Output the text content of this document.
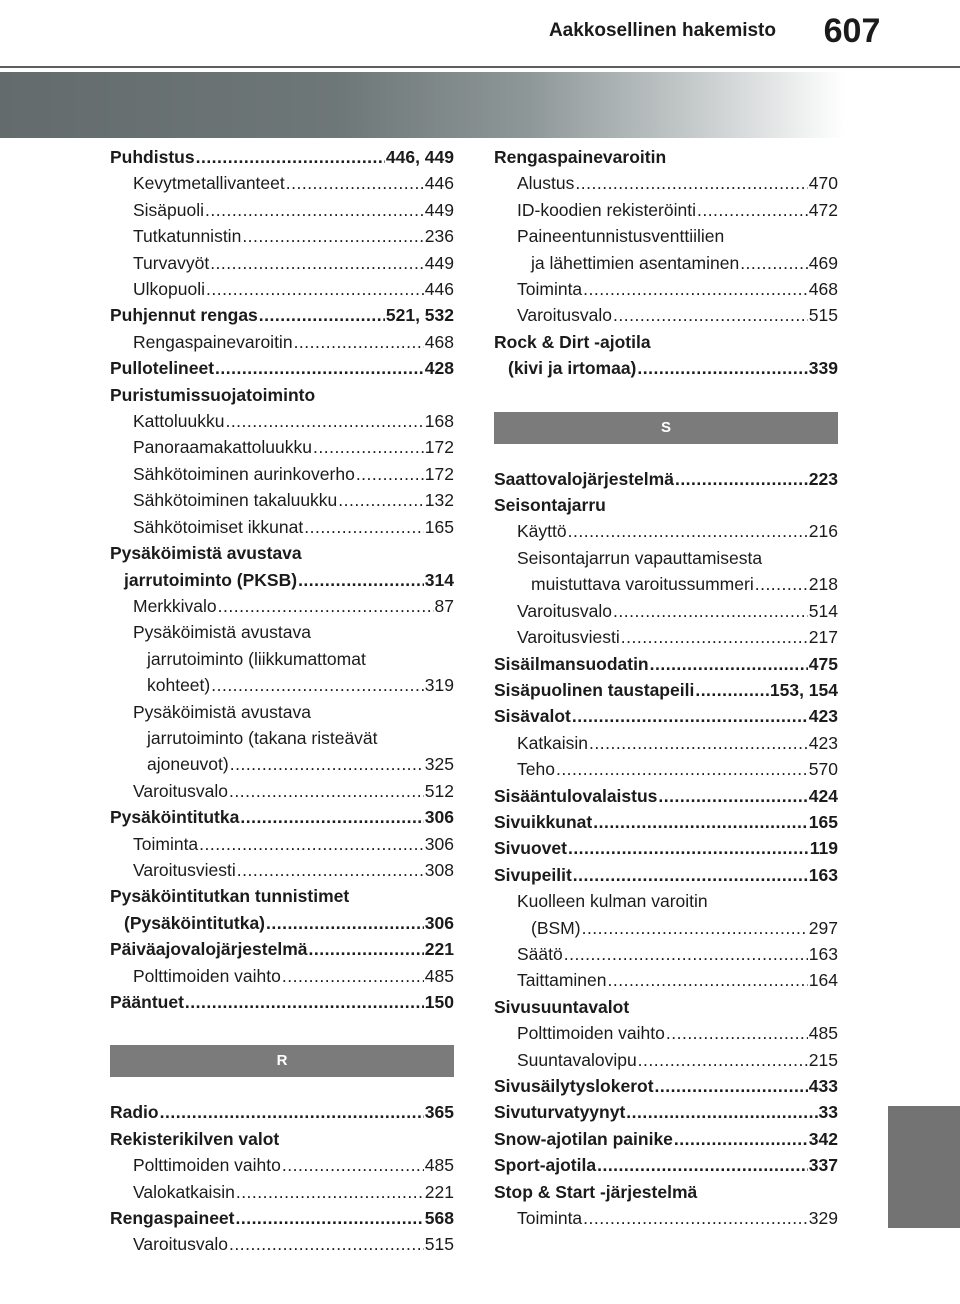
Aakkosellinen hakemisto	607
Puhdistus .....	446, 449
Kevytmetallivanteet .....	446
Sisäpuoli .....	449
Tutkatunnistin .....	236
Turvavyöt .....	449
Ulkopuoli .....	446
Puhjennut rengas .....	521, 532
Rengaspainevaroitin .....	468
Pullotelineet .....	428
Puristumissuojatoiminto
Kattoluukku .....	168
Panoraamakattoluukku .....	172
Sähkötoiminen aurinkoverho .....	172
Sähkötoiminen takaluukku .....	132
Sähkötoimiset ikkunat .....	165
Pysäköimistä avustava
jarrutoiminto (PKSB) .....	314
Merkkivalo .....	87
Pysäköimistä avustava
jarrutoiminto (liikkumattomat
kohteet) .....	319
Pysäköimistä avustava
jarrutoiminto (takana risteävät
ajoneuvot) .....	325
Varoitusvalo .....	512
Pysäköintitutka .....	306
Toiminta .....	306
Varoitusviesti .....	308
Pysäköintitutkan tunnistimet
(Pysäköintitutka) .....	306
Päiväajovalojärjestelmä .....	221
Polttimoiden vaihto .....	485
Pääntuet .....	150
R
Radio .....	365
Rekisterikilven valot
Polttimoiden vaihto .....	485
Valokatkaisin .....	221
Rengaspaineet .....	568
Varoitusvalo .....	515
Rengaspainevaroitin
Alustus .....	470
ID-koodien rekisteröinti .....	472
Paineentunnistusventtiilien
ja lähettimien asentaminen .....	469
Toiminta .....	468
Varoitusvalo .....	515
Rock & Dirt -ajotila
(kivi ja irtomaa) .....	339
S
Saattovalojärjestelmä .....	223
Seisontajarru
Käyttö .....	216
Seisontajarrun vapauttamisesta
muistuttava varoitussummeri .....	218
Varoitusvalo .....	514
Varoitusviesti .....	217
Sisäilmansuodatin .....	475
Sisäpuolinen taustapeili .....	153, 154
Sisävalot .....	423
Katkaisin .....	423
Teho .....	570
Sisääntulovalaistus .....	424
Sivuikkunat .....	165
Sivuovet .....	119
Sivupeilit .....	163
Kuolleen kulman varoitin
(BSM) .....	297
Säätö .....	163
Taittaminen .....	164
Sivusuuntavalot
Polttimoiden vaihto .....	485
Suuntavalovipu .....	215
Sivusäilytyslokerot .....	433
Sivuturvatyynyt .....	33
Snow-ajotilan painike .....	342
Sport-ajotila .....	337
Stop & Start -järjestelmä
Toiminta .....	329
